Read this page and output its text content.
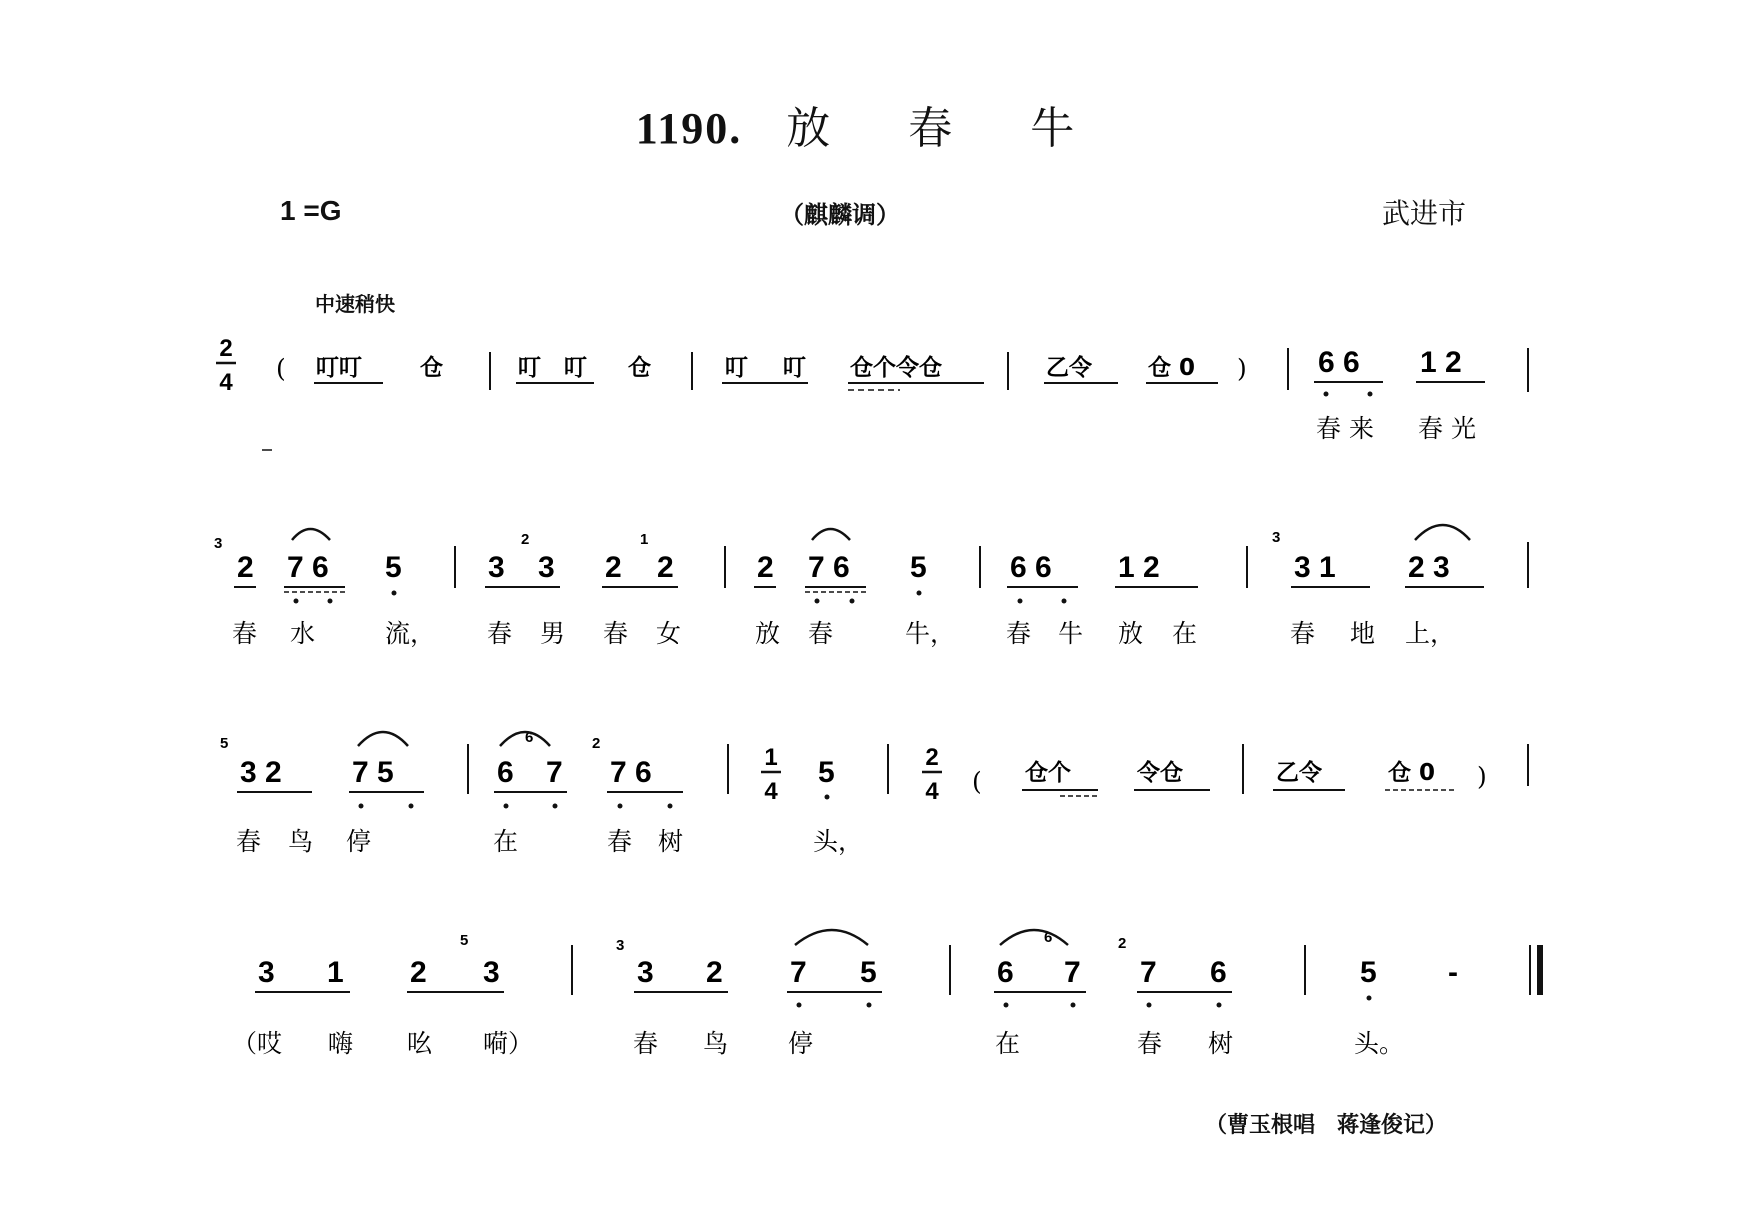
1190. 放 春 牛
1 =G	（麒麟调）	武进市
中速稍快
2
4 ( 叮叮	仓	叮 叮 仓	叮 叮 仓个令仓	乙令 仓 0 ) 6 6 1 2
春来 春光
3
2 7 6 5	3
2
3 2
1
2	2 7 6 5	6 6 1 2
3
3 1 2 3
春 水	流， 春 男 春 女	放 春	牛， 春 牛 放 在	春 地 上，
5
3 2 7 5	6
6
7
2
7 6	1
4
5	2
4 ( 仓个	令仓	乙令	仓 0 )
春 鸟 停	在	春 树	头，
3 1 2
5
3
3
3 2 7 5	6
6
7
2
7 6	5 -
（哎 嗨 吆 嗬）	春 鸟 停	在	春 树	头。
（曹玉根唱　蒋逢俊记）
